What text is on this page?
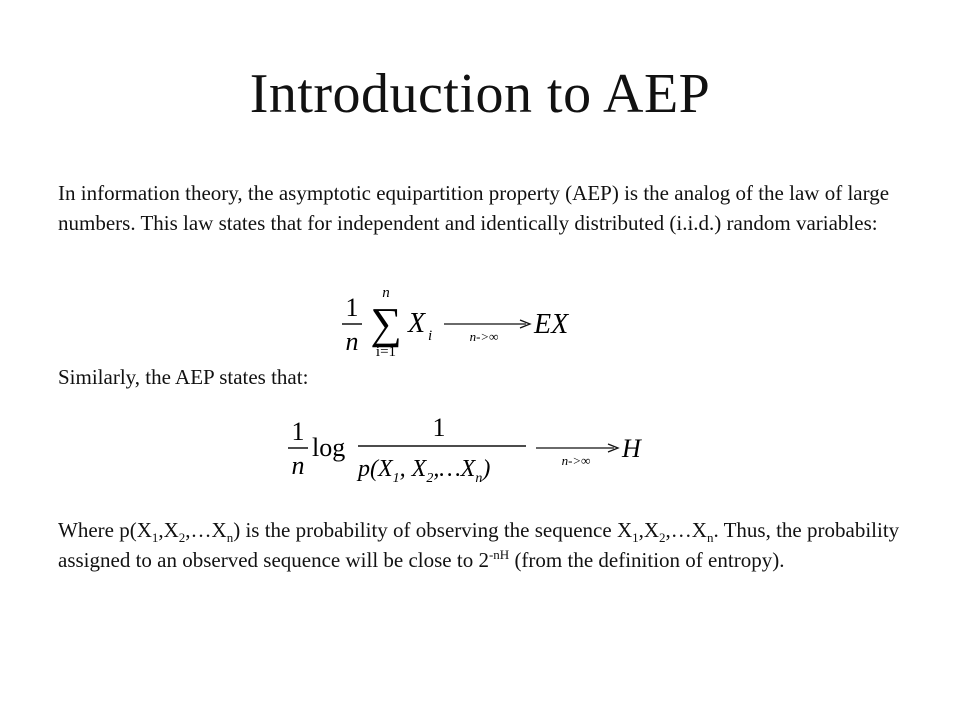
Introduction to AEP
In information theory, the asymptotic equipartition property (AEP) is the analog of the law of large numbers. This law states that for independent and identically distributed (i.i.d.) random variables:
1
n
n
∑
i=1
X i	n->∞ EX
Similarly, the AEP states that:
1
n
log
1
$p(X_1$, $X_2,\dots X_n$)	n->∞ H
Where $p(X_1,X_2,\dots X_n)$ is the probability of observing the sequence $X_1,X_2,\dots X_n$. Thus, the probability assigned to an observed sequence will be close to $2^{-nH}$ (from the definition of entropy).
